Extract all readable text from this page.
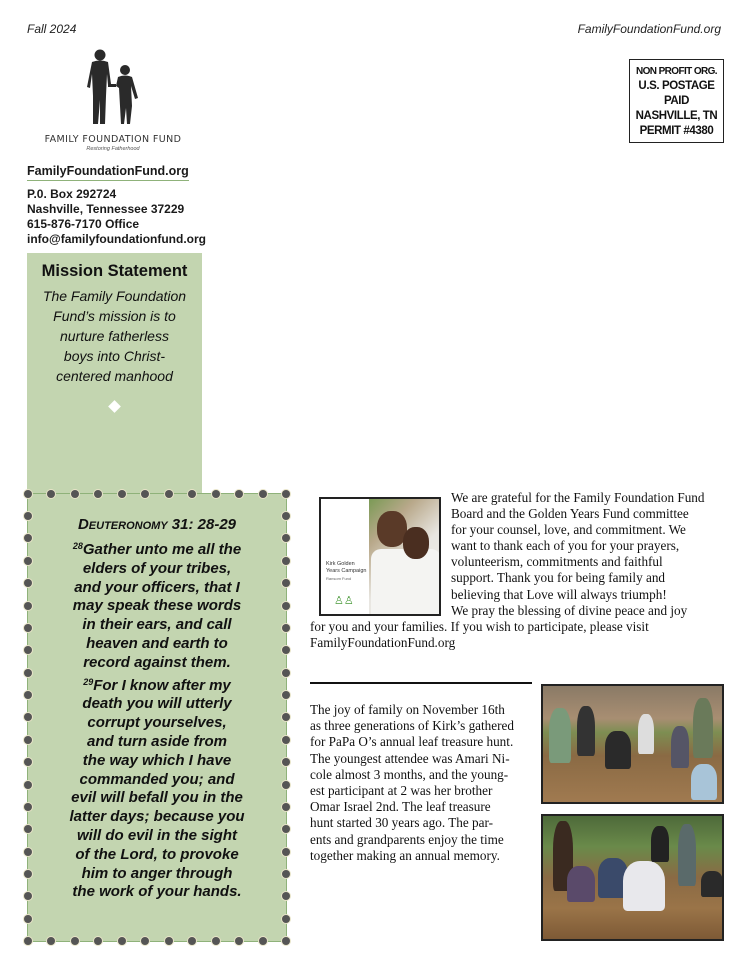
Fall 2024	FamilyFoundationFund.org
FAMILY FOUNDATION FUND
Restoring Fatherhood
FamilyFoundationFund.org
P.0. Box 292724
Nashville, Tennessee 37229
615-876-7170 Office
info@familyfoundationfund.org
NON PROFIT ORG.
U.S. POSTAGE
PAID
NASHVILLE, TN
PERMIT #4380
Mission Statement

The Family Foundation
Fund’s mission is to
nurture fatherless
boys into Christ-
centered manhood

Deuteronomy 31: 28-29
$^{28}$Gather unto me all the
elders of your tribes,
and your officers, that I
may speak these words
in their ears, and call
heaven and earth to
record against them.
$^{29}$For I know after my
death you will utterly
corrupt yourselves,
and turn aside from
the way which I have
commanded you; and
evil will befall you in the
latter days; because you
will do evil in the sight
of the Lord, to provoke
him to anger through
the work of your hands.
Kirk Golden
Years Campaign
Ransom Fund
♙♙
We are grateful for the Family Foundation Fund
Board and the Golden Years Fund committee
for your counsel, love, and commitment. We
want to thank each of you for your prayers,
volunteerism, commitments and faithful
support. Thank you for being family and
believing that Love will always triumph!
We pray the blessing of divine peace and joy
for you and your families. If you wish to participate, please visit
FamilyFoundationFund.org
The joy of family on November 16th
as three generations of Kirk’s gathered
for PaPa O’s annual leaf treasure hunt.
The youngest attendee was Amari Ni-
cole almost 3 months, and the young-
est participant at 2 was her brother
Omar Israel 2nd. The leaf treasure
hunt started 30 years ago. The par-
ents and grandparents enjoy the time
together making an annual memory.
